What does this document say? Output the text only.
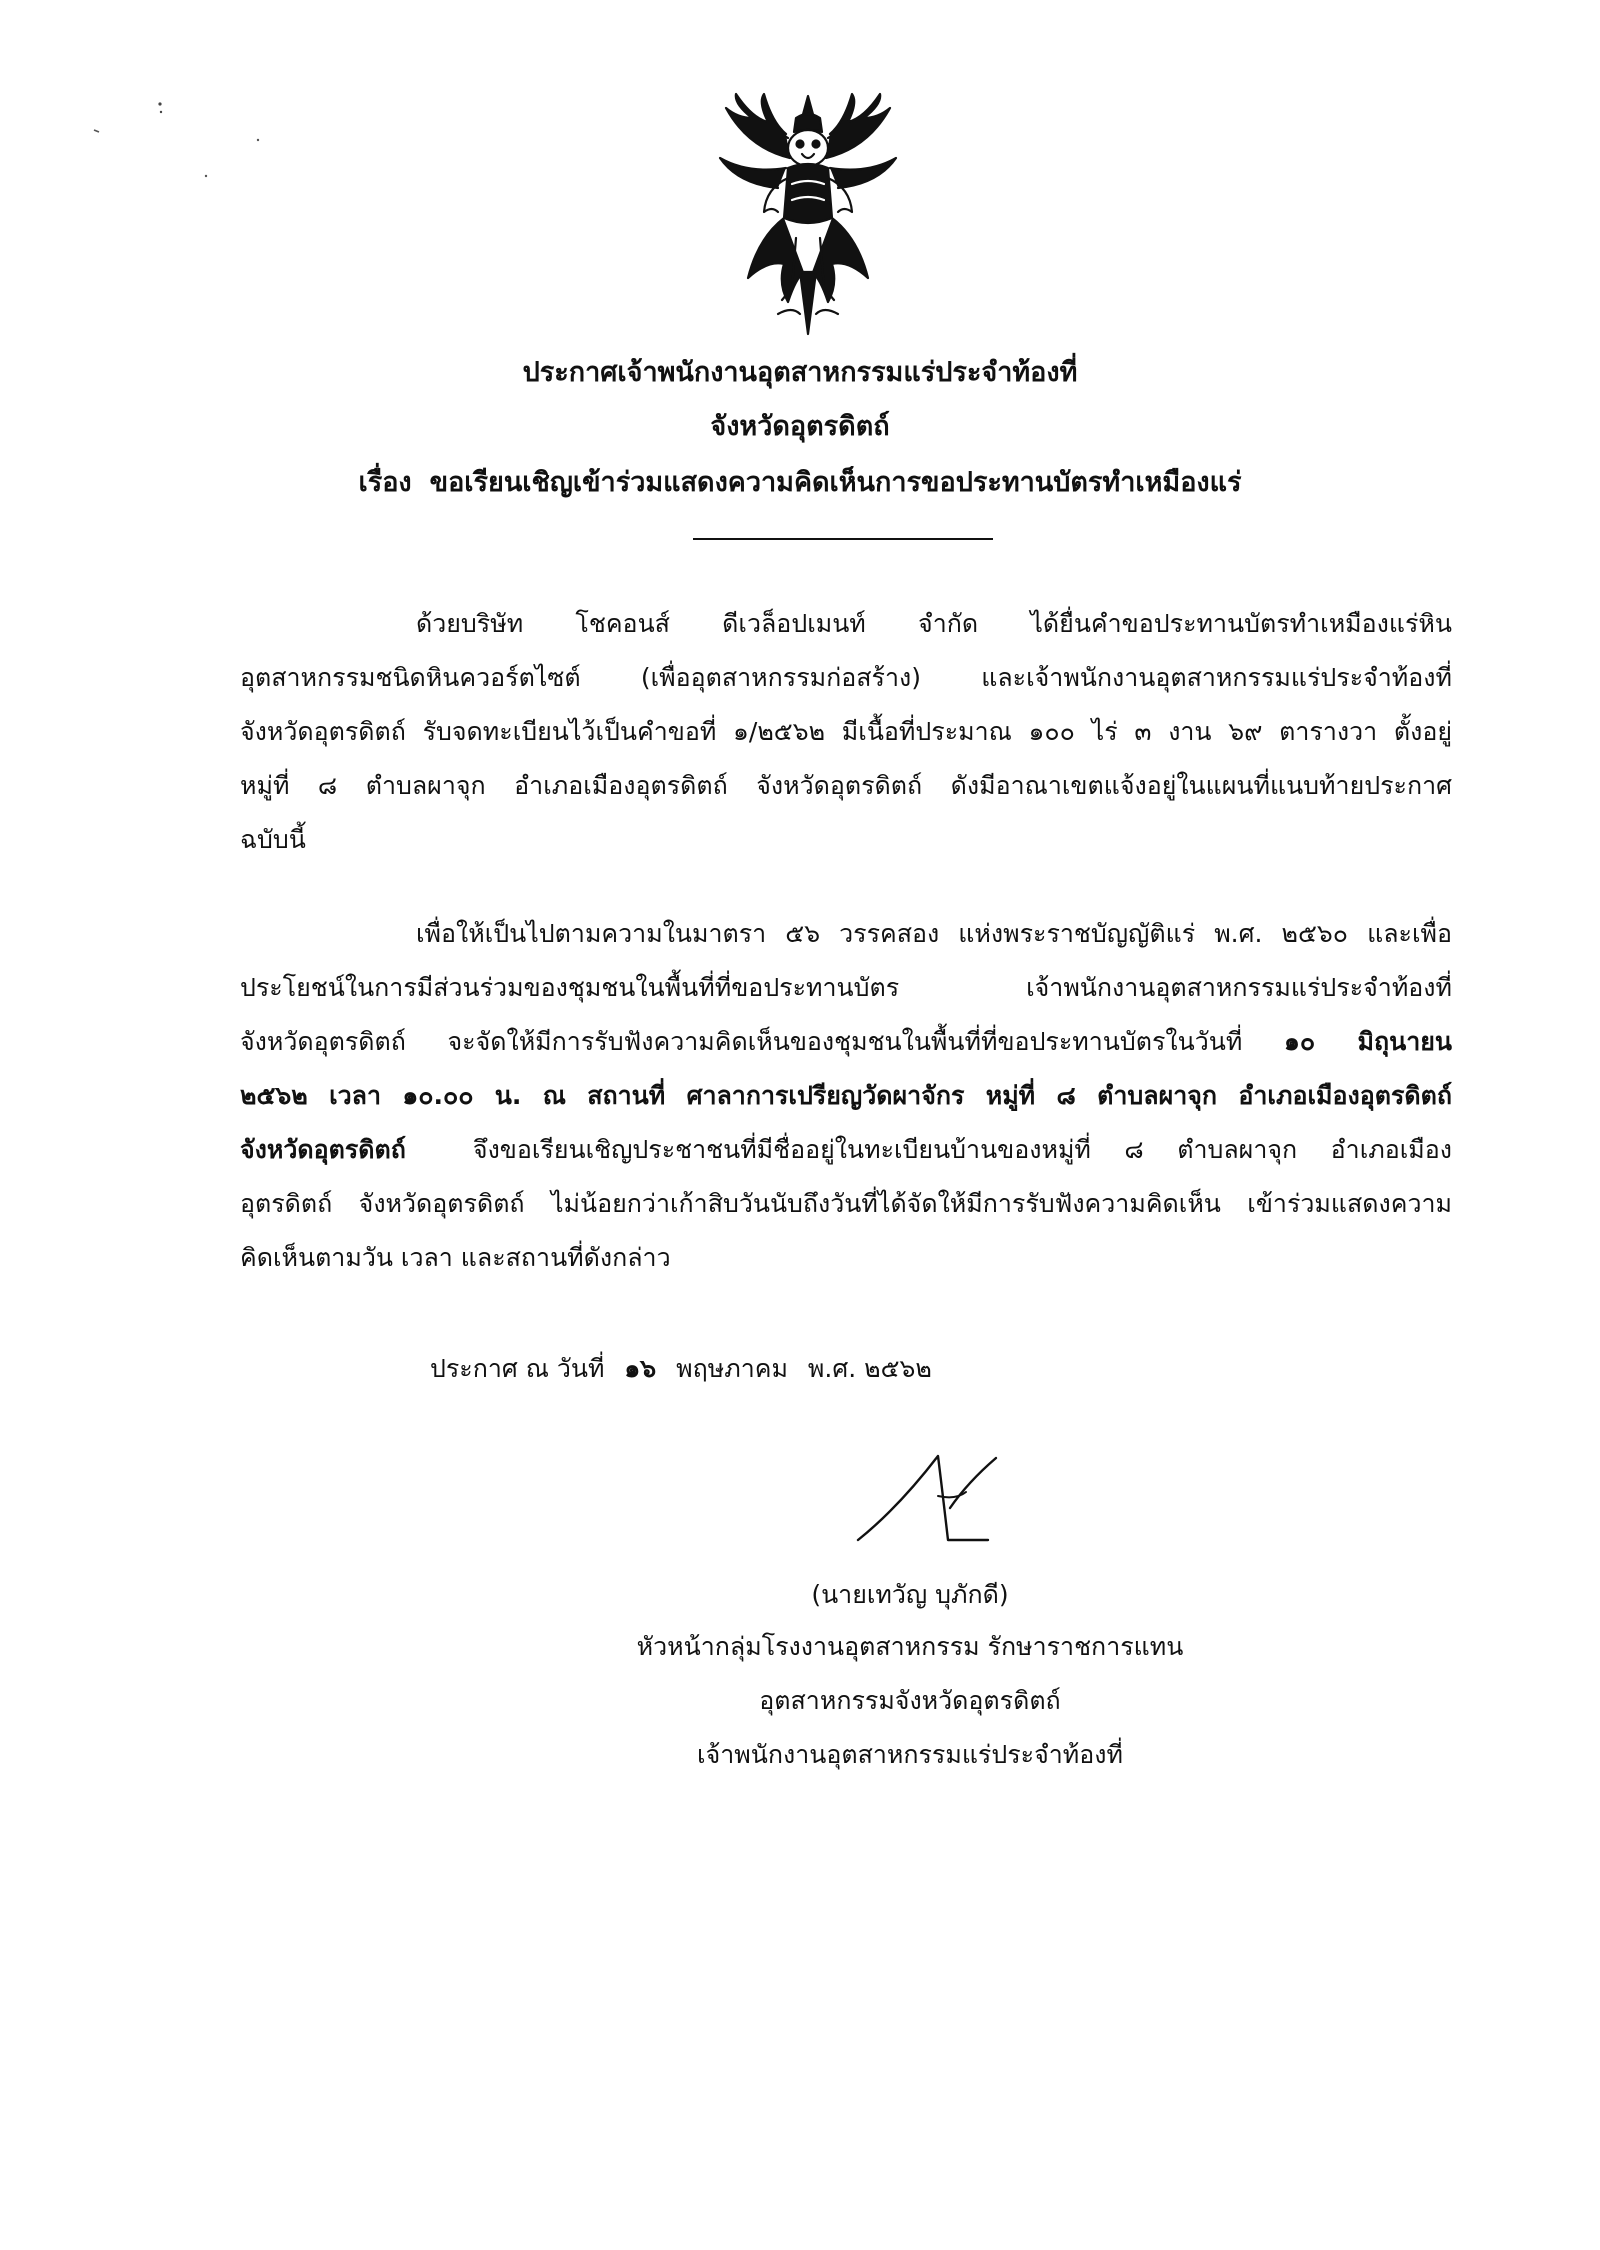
ประกาศเจ้าพนักงานอุตสาหกรรมแร่ประจำท้องที่
จังหวัดอุตรดิตถ์
เรื่อง ขอเรียนเชิญเข้าร่วมแสดงความคิดเห็นการขอประทานบัตรทำเหมืองแร่
ด้วยบริษัท โชคอนส์ ดีเวล็อปเมนท์ จำกัด ได้ยื่นคำขอประทานบัตรทำเหมืองแร่หิน
อุตสาหกรรมชนิดหินควอร์ตไซต์ (เพื่ออุตสาหกรรมก่อสร้าง) และเจ้าพนักงานอุตสาหกรรมแร่ประจำท้องที่
จังหวัดอุตรดิตถ์ รับจดทะเบียนไว้เป็นคำขอที่ ๑/๒๕๖๒ มีเนื้อที่ประมาณ ๑๐๐ ไร่ ๓ งาน ๖๙ ตารางวา ตั้งอยู่
หมู่ที่ ๘ ตำบลผาจุก อำเภอเมืองอุตรดิตถ์ จังหวัดอุตรดิตถ์ ดังมีอาณาเขตแจ้งอยู่ในแผนที่แนบท้ายประกาศ
ฉบับนี้
เพื่อให้เป็นไปตามความในมาตรา ๕๖ วรรคสอง แห่งพระราชบัญญัติแร่ พ.ศ. ๒๕๖๐ และเพื่อ
ประโยชน์ในการมีส่วนร่วมของชุมชนในพื้นที่ที่ขอประทานบัตร เจ้าพนักงานอุตสาหกรรมแร่ประจำท้องที่
จังหวัดอุตรดิตถ์ จะจัดให้มีการรับฟังความคิดเห็นของชุมชนในพื้นที่ที่ขอประทานบัตรในวันที่ ๑๐ มิถุนายน
๒๕๖๒ เวลา ๑๐.๐๐ น. ณ สถานที่ ศาลาการเปรียญวัดผาจักร หมู่ที่ ๘ ตำบลผาจุก อำเภอเมืองอุตรดิตถ์
จังหวัดอุตรดิตถ์	จึงขอเรียนเชิญประชาชนที่มีชื่ออยู่ในทะเบียนบ้านของหมู่ที่ ๘ ตำบลผาจุก อำเภอเมือง
อุตรดิตถ์ จังหวัดอุตรดิตถ์ ไม่น้อยกว่าเก้าสิบวันนับถึงวันที่ได้จัดให้มีการรับฟังความคิดเห็น เข้าร่วมแสดงความ
คิดเห็นตามวัน เวลา และสถานที่ดังกล่าว
ประกาศ ณ วันที่ ๑๖ พฤษภาคม พ.ศ. ๒๕๖๒
(นายเทวัญ บุภักดี)
หัวหน้ากลุ่มโรงงานอุตสาหกรรม รักษาราชการแทน
อุตสาหกรรมจังหวัดอุตรดิตถ์
เจ้าพนักงานอุตสาหกรรมแร่ประจำท้องที่
